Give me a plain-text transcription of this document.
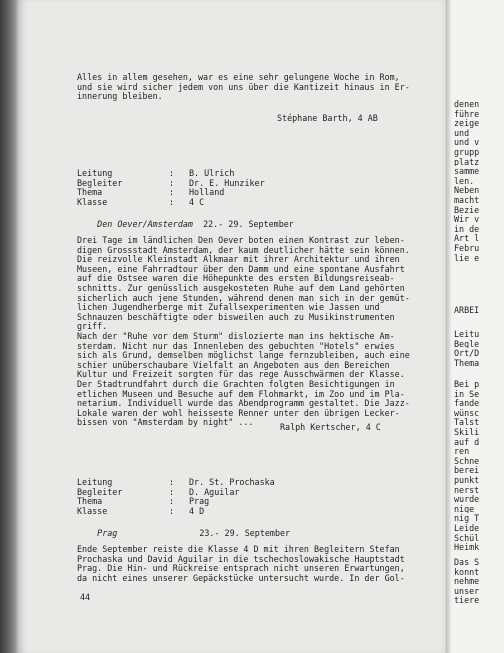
Alles in allem gesehen, war es eine sehr gelungene Woche in Rom,
und sie wird sicher jedem von uns über die Kantizeit hinaus in Er-
innerung bleiben.
Stéphane Barth, 4 AB
Leitung	:	B. Ulrich
Begleiter	:	Dr. E. Hunziker
Thema	:	Holland
Klasse	:	4 C

Den Oever/Amsterdam 22.- 29. September

Drei Tage im ländlichen Den Oever boten einen Kontrast zur leben-
digen Grossstadt Amsterdam, der kaum deutlicher hätte sein können.
Die reizvolle Kleinstadt Alkmaar mit ihrer Architektur und ihren
Museen, eine Fahrradtour über den Damm und eine spontane Ausfahrt
auf die Ostsee waren die Höhepunkte des ersten Bildungsreiseab-
schnitts. Zur genüsslich ausgekosteten Ruhe auf dem Land gehörten
sicherlich auch jene Stunden, während denen man sich in der gemüt-
lichen Jugendherberge mit Zufallsexperimenten wie Jassen und
Schnauzen beschäftigte oder bisweilen auch zu Musikinstrumenten
griff.
Nach der "Ruhe vor dem Sturm" dislozierte man ins hektische Am-
sterdam. Nicht nur das Innenleben des gebuchten "Hotels" erwies
sich als Grund, demselben möglichst lange fernzubleiben, auch eine
schier unüberschaubare Vielfalt an Angeboten aus den Bereichen
Kultur und Freizeit sorgten für das rege Ausschwärmen der Klasse.
Der Stadtrundfahrt durch die Grachten folgten Besichtigungen in
etlichen Museen und Besuche auf dem Flohmarkt, im Zoo und im Pla-
netarium. Individuell wurde das Abendprogramm gestaltet. Die Jazz-
Lokale waren der wohl heisseste Renner unter den übrigen Lecker-
bissen von "Amsterdam by night" ...	Ralph Kertscher, 4 C
Leitung	:	Dr. St. Prochaska
Begleiter	:	D. Aguilar
Thema	:	Prag
Klasse	:	4 D

Prag	23.- 29. September

Ende September reiste die Klasse 4 D mit ihren Begleitern Stefan
Prochaska und David Aguilar in die tschechoslowakische Hauptstadt
Prag. Die Hin- und Rückreise entsprach nicht unseren Erwartungen,
da nicht eines unserer Gepäckstücke untersucht wurde. In der Gol-
44
denen
führe
zeige
und
und v
grupp
platz
samme
len.
Neben
macht
Bezie
Wir v
in de
Art l
Febru
lie e
ARBEI
Leitu
Begle
Ort/D
Thema
Bei p
in Se
fande
wünsc
Talst
Skili
auf d
ren
Schne
berei
punkt
nerst
wurde
nige
nig T
Leide
Schül
Heimk
Das S
konnt
nehme
unser
tiere
